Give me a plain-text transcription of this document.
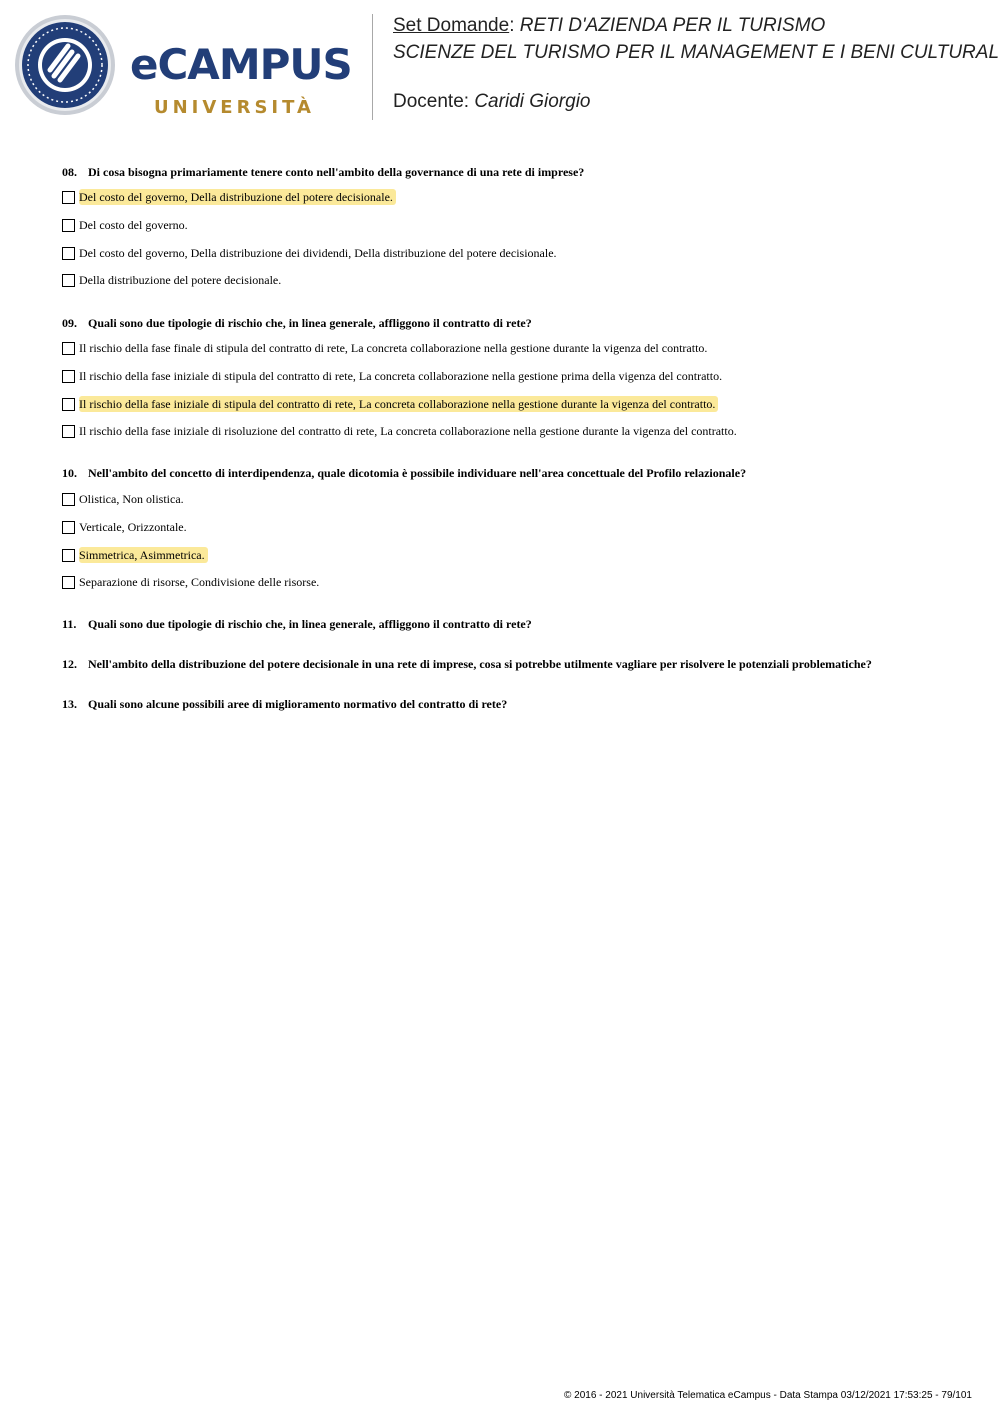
eCAMPUS
UNIVERSITÀ
Set Domande: RETI D'AZIENDA PER IL TURISMO
SCIENZE DEL TURISMO PER IL MANAGEMENT E I BENI CULTURAL
Docente: Caridi Giorgio
08. Di cosa bisogna primariamente tenere conto nell'ambito della governance di una rete di imprese?
Del costo del governo, Della distribuzione del potere decisionale.
Del costo del governo.
Del costo del governo, Della distribuzione dei dividendi, Della distribuzione del potere decisionale.
Della distribuzione del potere decisionale.
09. Quali sono due tipologie di rischio che, in linea generale, affliggono il contratto di rete?
Il rischio della fase finale di stipula del contratto di rete, La concreta collaborazione nella gestione durante la vigenza del contratto.
Il rischio della fase iniziale di stipula del contratto di rete, La concreta collaborazione nella gestione prima della vigenza del contratto.
Il rischio della fase iniziale di stipula del contratto di rete, La concreta collaborazione nella gestione durante la vigenza del contratto.
Il rischio della fase iniziale di risoluzione del contratto di rete, La concreta collaborazione nella gestione durante la vigenza del contratto.
10. Nell'ambito del concetto di interdipendenza, quale dicotomia è possibile individuare nell'area concettuale del Profilo relazionale?
Olistica, Non olistica.
Verticale, Orizzontale.
Simmetrica, Asimmetrica.
Separazione di risorse, Condivisione delle risorse.
11. Quali sono due tipologie di rischio che, in linea generale, affliggono il contratto di rete?
12. Nell'ambito della distribuzione del potere decisionale in una rete di imprese, cosa si potrebbe utilmente vagliare per risolvere le potenziali problematiche?
13. Quali sono alcune possibili aree di miglioramento normativo del contratto di rete?
© 2016 - 2021 Università Telematica eCampus - Data Stampa 03/12/2021 17:53:25 - 79/101
